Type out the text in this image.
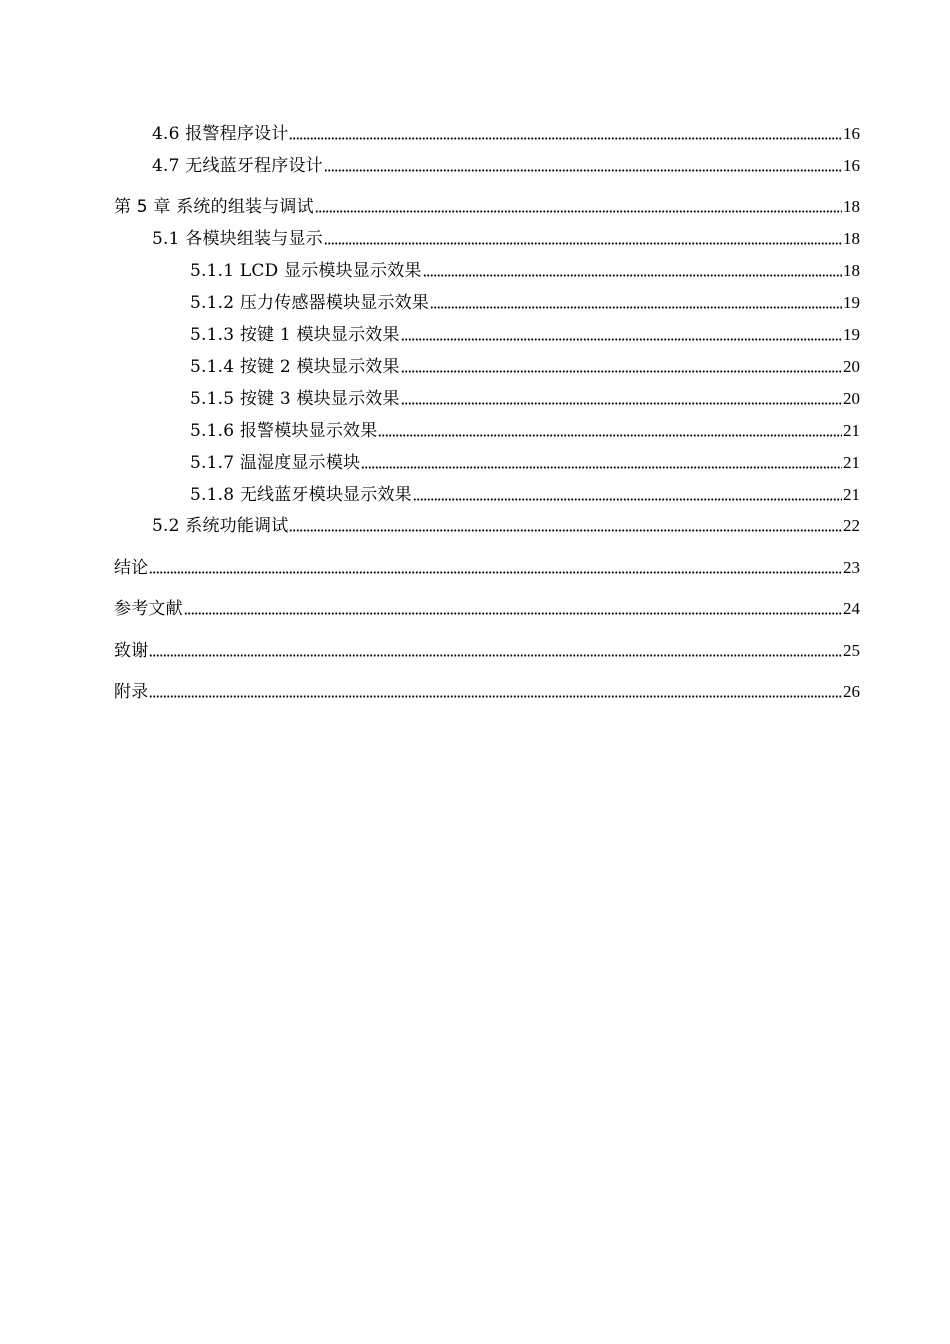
4.6 报警程序设计	16
4.7 无线蓝牙程序设计	16
第 5 章 系统的组装与调试	18
5.1 各模块组装与显示	18
5.1.1 LCD 显示模块显示效果	18
5.1.2 压力传感器模块显示效果	19
5.1.3 按键 1 模块显示效果	19
5.1.4 按键 2 模块显示效果	20
5.1.5 按键 3 模块显示效果	20
5.1.6 报警模块显示效果	21
5.1.7 温湿度显示模块	21
5.1.8 无线蓝牙模块显示效果	21
5.2 系统功能调试	22
结论	23
参考文献	24
致谢	25
附录	26
